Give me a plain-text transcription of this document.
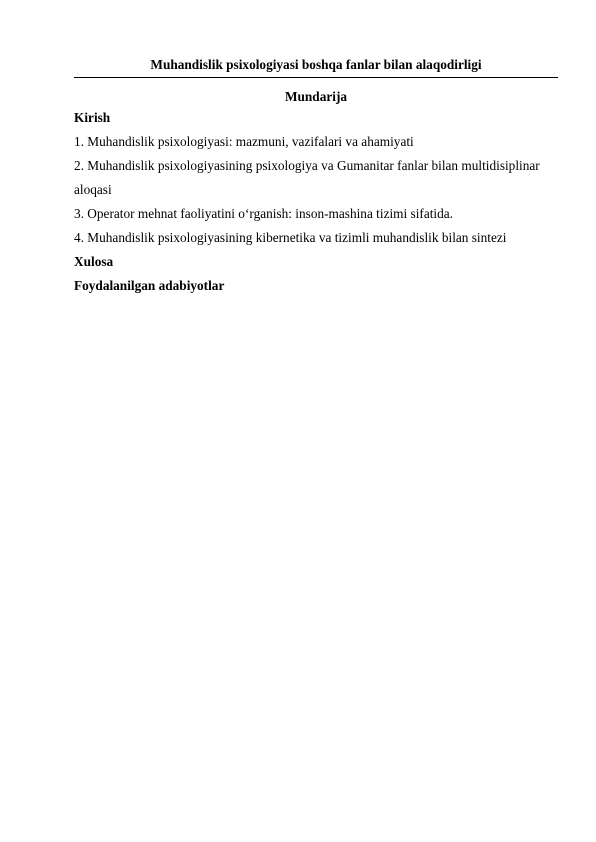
Muhandislik psixologiyasi boshqa fanlar bilan alaqodirligi
Mundarija
Kirish
1. Muhandislik psixologiyasi: mazmuni, vazifalari va ahamiyati
2. Muhandislik psixologiyasining psixologiya va Gumanitar fanlar bilan multidisiplinar
aloqasi
3. Operator mehnat faoliyatini o‘rganish: inson-mashina tizimi sifatida.
4. Muhandislik psixologiyasining kibernetika va tizimli muhandislik bilan sintezi
Xulosa
Foydalanilgan adabiyotlar
